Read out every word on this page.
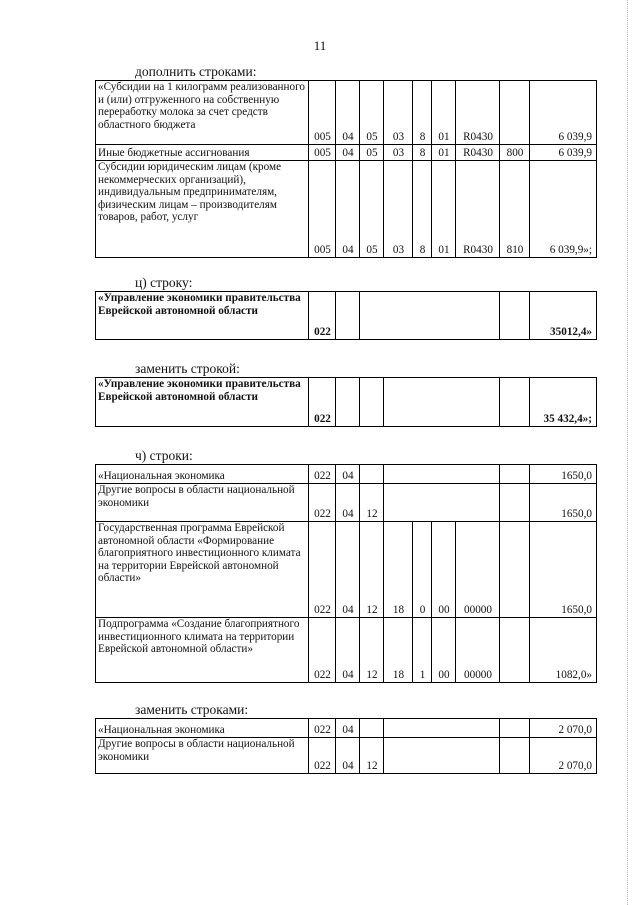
11
дополнить строками:
«Субсидии на 1 килограмм реализованного и (или) отгруженного на собственную переработку молока за счет средств областного бюджета	005	04	05	03	8	01	R0430		6 039,9
Иные бюджетные ассигнования	005	04	05	03	8	01	R0430	800	6 039,9
Субсидии юридическим лицам (кроме некоммерческих организаций), индивидуальным предпринимателям, физическим лицам – производителям товаров, работ, услуг	005	04	05	03	8	01	R0430	810	6 039,9»;
ц) строку:
«Управление экономики правительства Еврейской автономной области	022				35012,4»
заменить строкой:
«Управление экономики правительства Еврейской автономной области	022					35 432,4»;
ч) строки:
«Национальная экономика	022	04							1650,0
Другие вопросы в области национальной экономики	022	04	12						1650,0
Государственная программа Еврейской автономной области «Формирование благоприятного инвестиционного климата на территории Еврейской автономной области»	022	04	12	18	0	00	00000		1650,0
Подпрограмма «Создание благоприятного инвестиционного климата на территории Еврейской автономной области»	022	04	12	18	1	00	00000		1082,0»
заменить строками:
«Национальная экономика	022	04				2 070,0
Другие вопросы в области национальной экономики	022	04	12			2 070,0
